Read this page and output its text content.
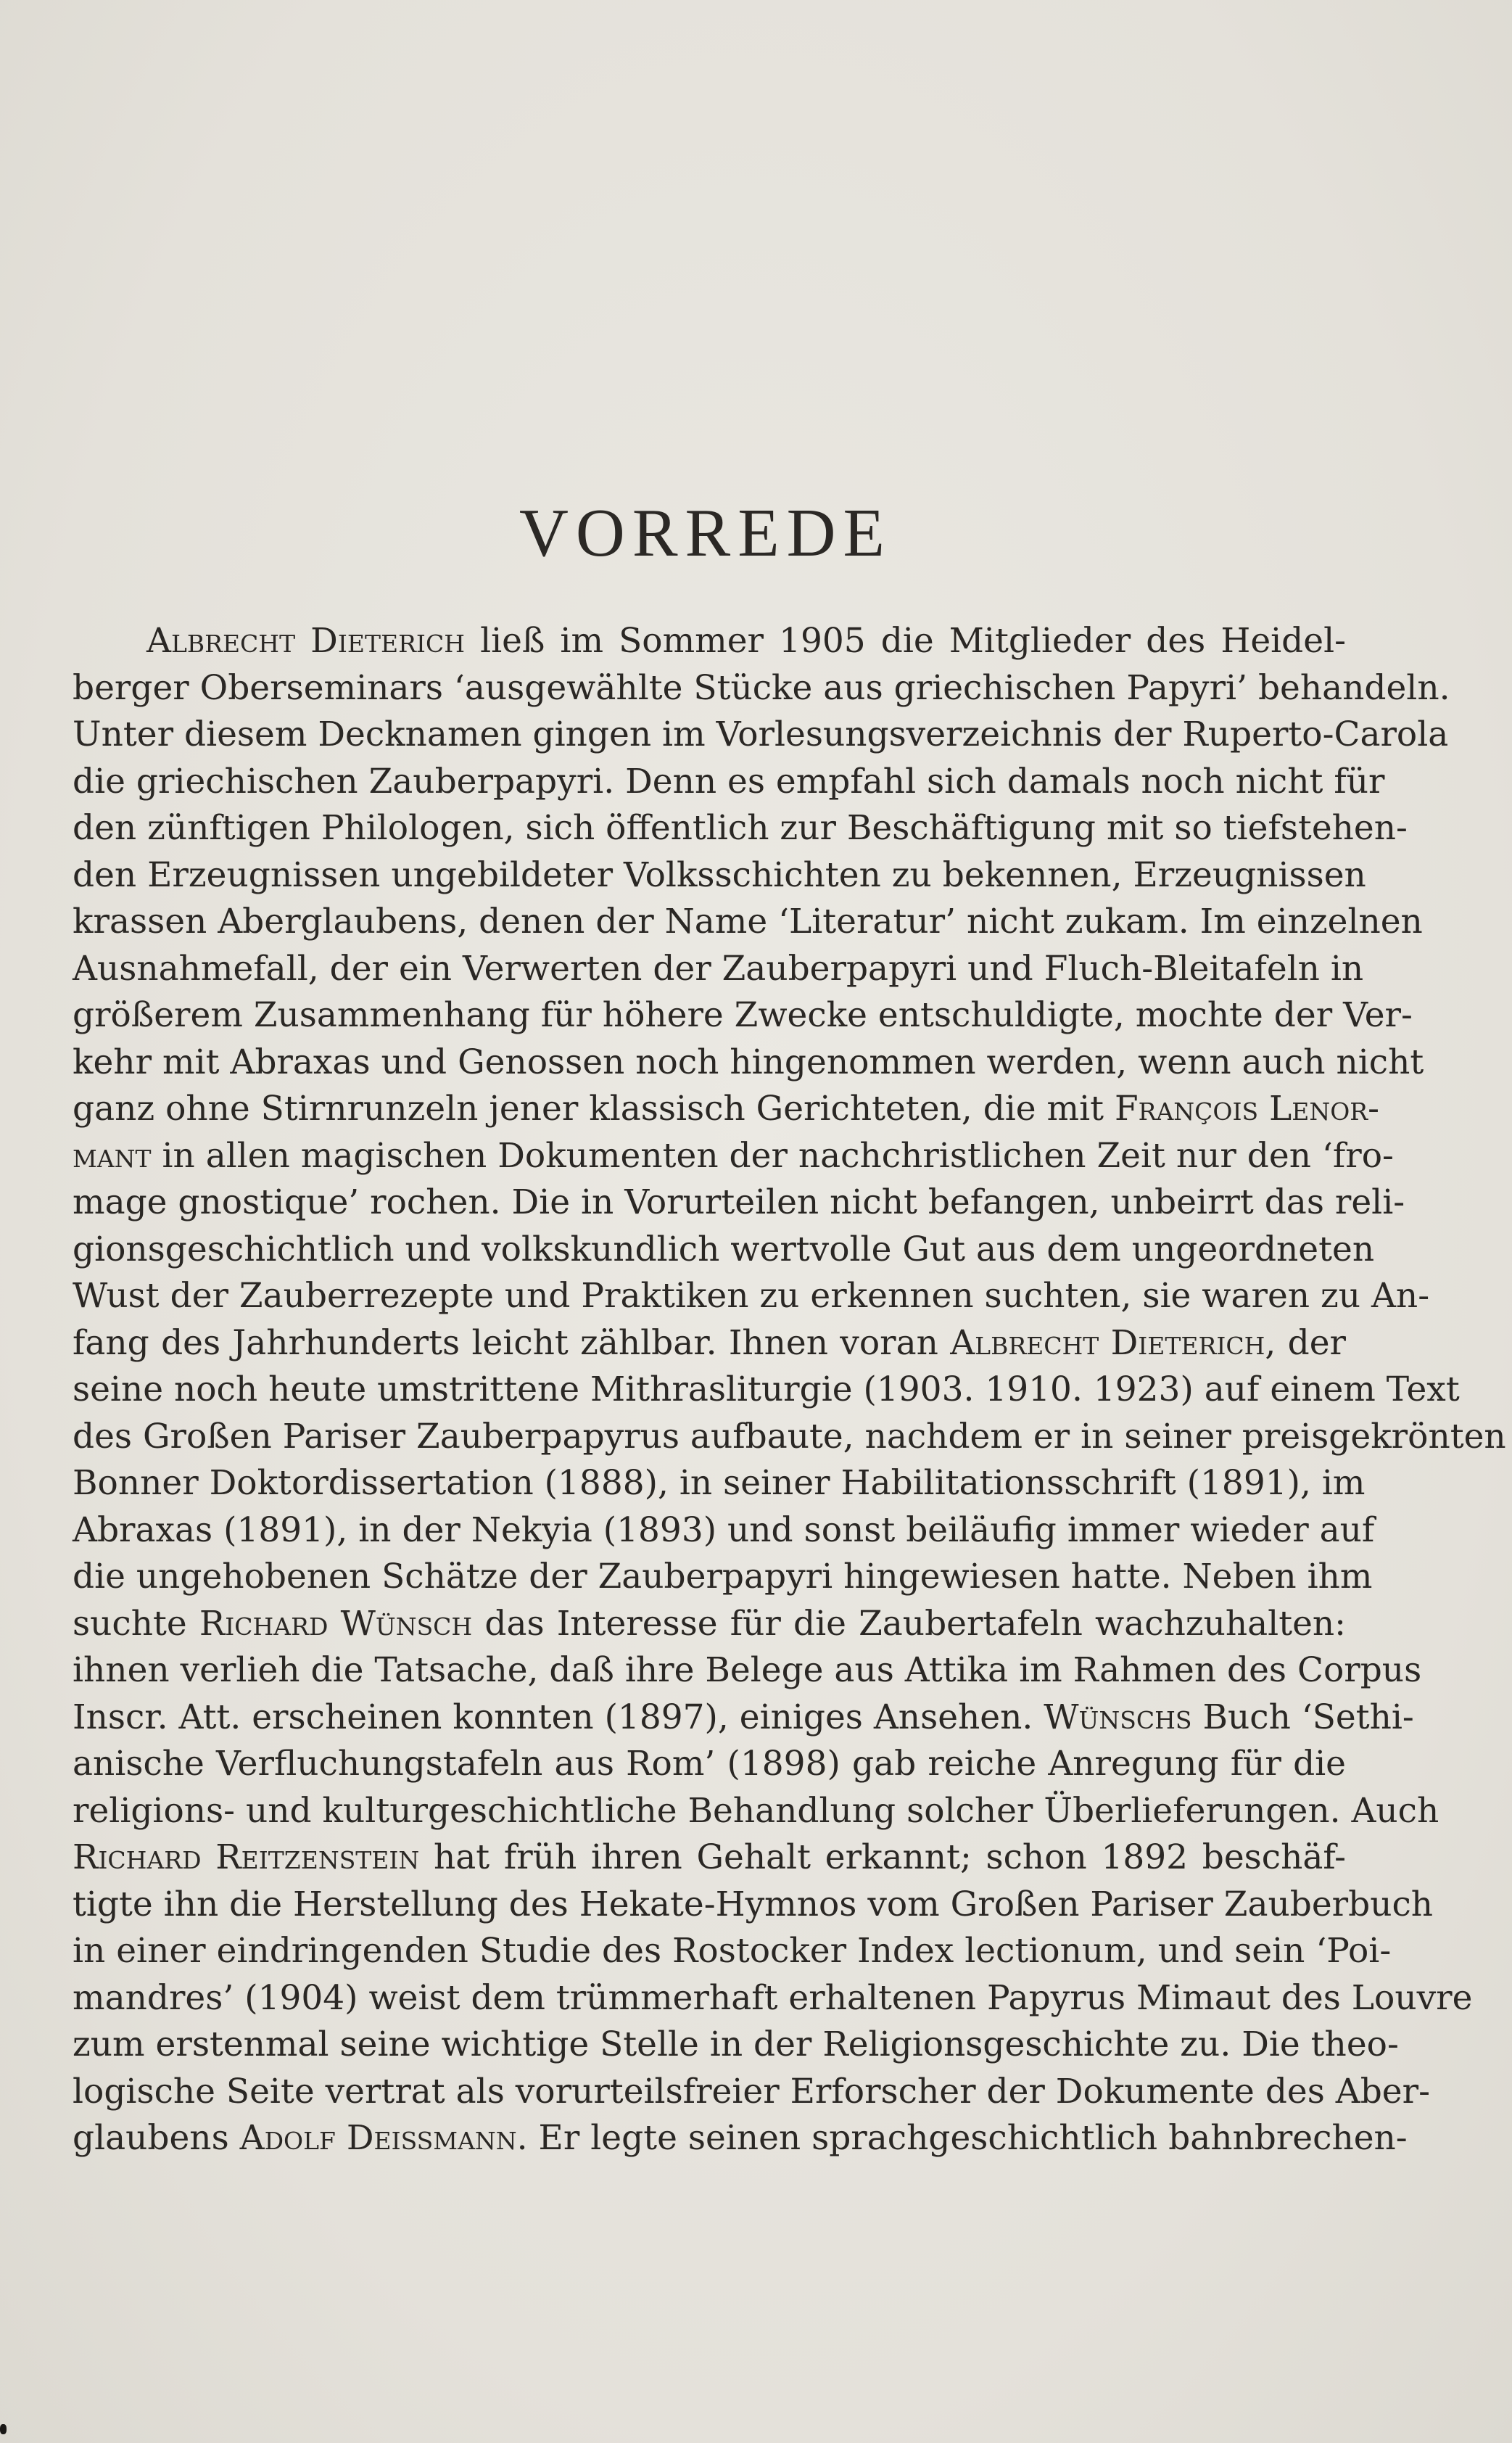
VORREDE
Albrecht Dieterich ließ im Sommer 1905 die Mitglieder des Heidel-
berger Oberseminars ‘ausgewählte Stücke aus griechischen Papyri’ behandeln.
Unter diesem Decknamen gingen im Vorlesungsverzeichnis der Ruperto-Carola
die griechischen Zauberpapyri. Denn es empfahl sich damals noch nicht für
den zünftigen Philologen, sich öffentlich zur Beschäftigung mit so tiefstehen-
den Erzeugnissen ungebildeter Volksschichten zu bekennen, Erzeugnissen
krassen Aberglaubens, denen der Name ‘Literatur’ nicht zukam. Im einzelnen
Ausnahmefall, der ein Verwerten der Zauberpapyri und Fluch-Bleitafeln in
größerem Zusammenhang für höhere Zwecke entschuldigte, mochte der Ver-
kehr mit Abraxas und Genossen noch hingenommen werden, wenn auch nicht
ganz ohne Stirnrunzeln jener klassisch Gerichteten, die mit François Lenor-
mant in allen magischen Dokumenten der nachchristlichen Zeit nur den ‘fro-
mage gnostique’ rochen. Die in Vorurteilen nicht befangen, unbeirrt das reli-
gionsgeschichtlich und volkskundlich wertvolle Gut aus dem ungeordneten
Wust der Zauberrezepte und Praktiken zu erkennen suchten, sie waren zu An-
fang des Jahrhunderts leicht zählbar. Ihnen voran Albrecht Dieterich, der
seine noch heute umstrittene Mithrasliturgie (1903. 1910. 1923) auf einem Text
des Großen Pariser Zauberpapyrus aufbaute, nachdem er in seiner preisgekrönten
Bonner Doktordissertation (1888), in seiner Habilitationsschrift (1891), im
Abraxas (1891), in der Nekyia (1893) und sonst beiläufig immer wieder auf
die ungehobenen Schätze der Zauberpapyri hingewiesen hatte. Neben ihm
suchte Richard Wünsch das Interesse für die Zaubertafeln wachzuhalten:
ihnen verlieh die Tatsache, daß ihre Belege aus Attika im Rahmen des Corpus
Inscr. Att. erscheinen konnten (1897), einiges Ansehen. Wünschs Buch ‘Sethi-
anische Verfluchungstafeln aus Rom’ (1898) gab reiche Anregung für die
religions- und kulturgeschichtliche Behandlung solcher Überlieferungen. Auch
Richard Reitzenstein hat früh ihren Gehalt erkannt; schon 1892 beschäf-
tigte ihn die Herstellung des Hekate-Hymnos vom Großen Pariser Zauberbuch
in einer eindringenden Studie des Rostocker Index lectionum, und sein ‘Poi-
mandres’ (1904) weist dem trümmerhaft erhaltenen Papyrus Mimaut des Louvre
zum erstenmal seine wichtige Stelle in der Religionsgeschichte zu. Die theo-
logische Seite vertrat als vorurteilsfreier Erforscher der Dokumente des Aber-
glaubens Adolf Deissmann. Er legte seinen sprachgeschichtlich bahnbrechen-
